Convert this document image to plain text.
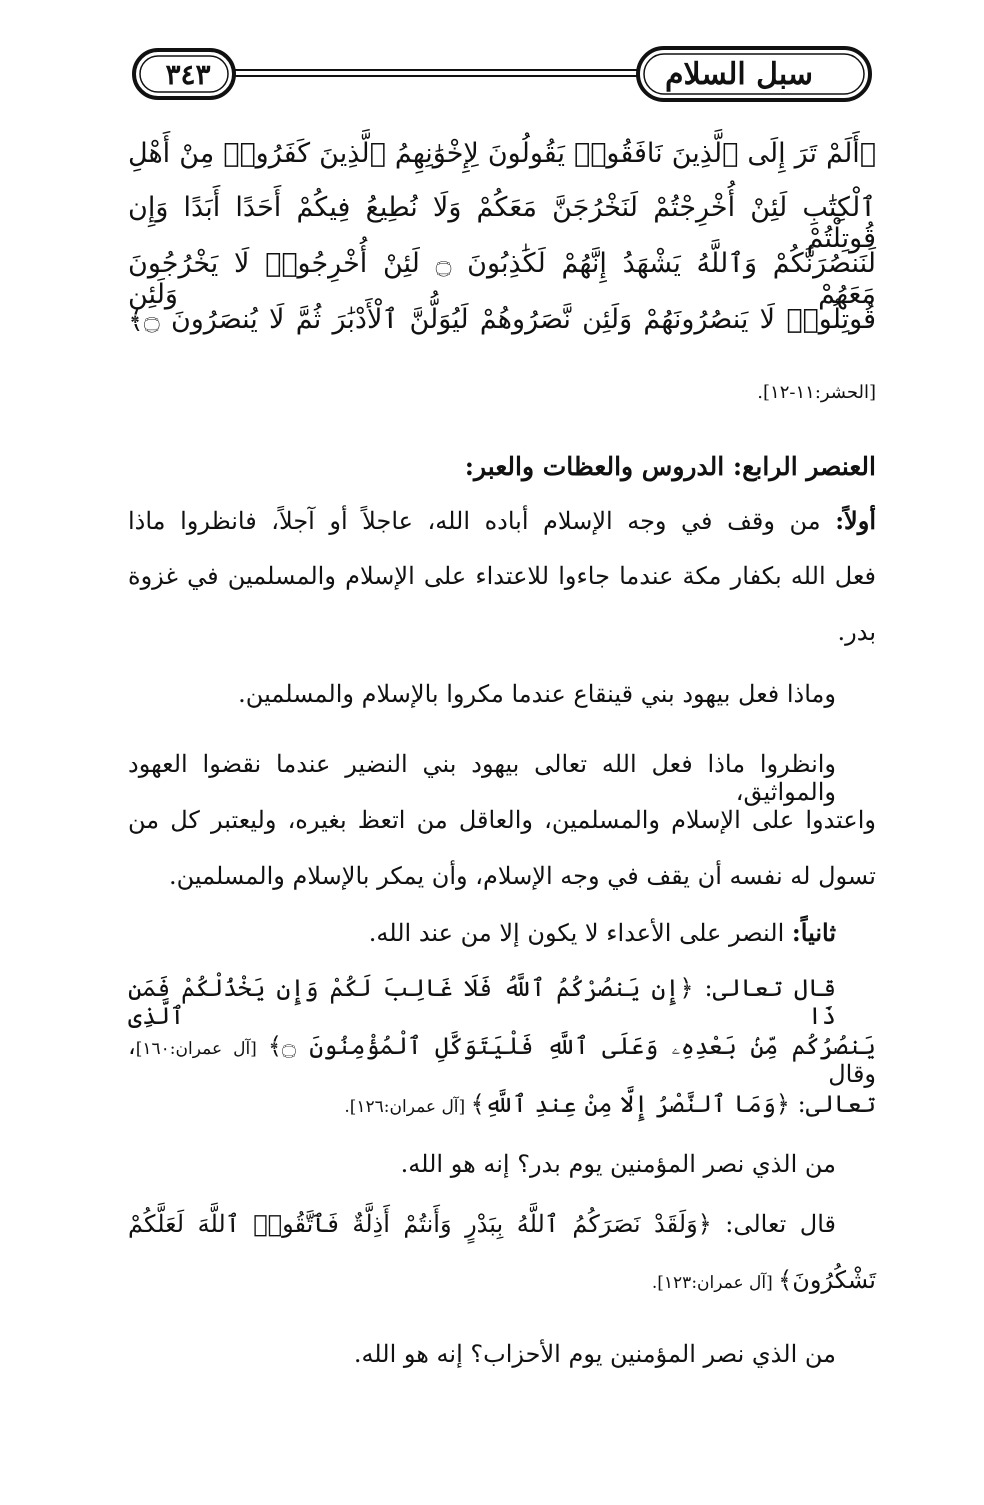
سبل السلام
٣٤٣
﴿أَلَمْ تَرَ إِلَى ٱلَّذِينَ نَافَقُوا۟ يَقُولُونَ لِإِخْوَٰنِهِمُ ٱلَّذِينَ كَفَرُوا۟ مِنْ أَهْلِ
ٱلْكِتَٰبِ لَئِنْ أُخْرِجْتُمْ لَنَخْرُجَنَّ مَعَكُمْ وَلَا نُطِيعُ فِيكُمْ أَحَدًا أَبَدًا وَإِن قُوتِلْتُمْ
لَنَنصُرَنَّكُمْ وَٱللَّهُ يَشْهَدُ إِنَّهُمْ لَكَٰذِبُونَ ۝ لَئِنْ أُخْرِجُوا۟ لَا يَخْرُجُونَ مَعَهُمْ وَلَئِن
قُوتِلُوا۟ لَا يَنصُرُونَهُمْ وَلَئِن نَّصَرُوهُمْ لَيُوَلُّنَّ ٱلْأَدْبَٰرَ ثُمَّ لَا يُنصَرُونَ ۝﴾
[الحشر:١١-١٢].
العنصر الرابع: الدروس والعظات والعبر:
أولاً: من وقف في وجه الإسلام أباده الله، عاجلاً أو آجلاً، فانظروا ماذا
فعل الله بكفار مكة عندما جاءوا للاعتداء على الإسلام والمسلمين في غزوة
بدر.
وماذا فعل بيهود بني قينقاع عندما مكروا بالإسلام والمسلمين.
وانظروا ماذا فعل الله تعالى بيهود بني النضير عندما نقضوا العهود والمواثيق،
واعتدوا على الإسلام والمسلمين، والعاقل من اتعظ بغيره، وليعتبر كل من
تسول له نفسه أن يقف في وجه الإسلام، وأن يمكر بالإسلام والمسلمين.
ثانياً: النصر على الأعداء لا يكون إلا من عند الله.
قال تعالى: ﴿إِن يَنصُرْكُمُ ٱللَّهُ فَلَا غَالِبَ لَكُمْ وَإِن يَخْذُلْكُمْ فَمَن ذَا ٱلَّذِى
يَنصُرُكُم مِّنۢ بَعْدِهِۦ وَعَلَى ٱللَّهِ فَلْيَتَوَكَّلِ ٱلْمُؤْمِنُونَ ۝﴾ [آل عمران:١٦٠]، وقال
تعالى: ﴿وَمَا ٱلنَّصْرُ إِلَّا مِنْ عِندِ ٱللَّهِ﴾ [آل عمران:١٢٦].
من الذي نصر المؤمنين يوم بدر؟ إنه هو الله.
قال تعالى: ﴿وَلَقَدْ نَصَرَكُمُ ٱللَّهُ بِبَدْرٍ وَأَنتُمْ أَذِلَّةٌ فَٱتَّقُوا۟ ٱللَّهَ لَعَلَّكُمْ
تَشْكُرُونَ﴾ [آل عمران:١٢٣].
من الذي نصر المؤمنين يوم الأحزاب؟ إنه هو الله.
